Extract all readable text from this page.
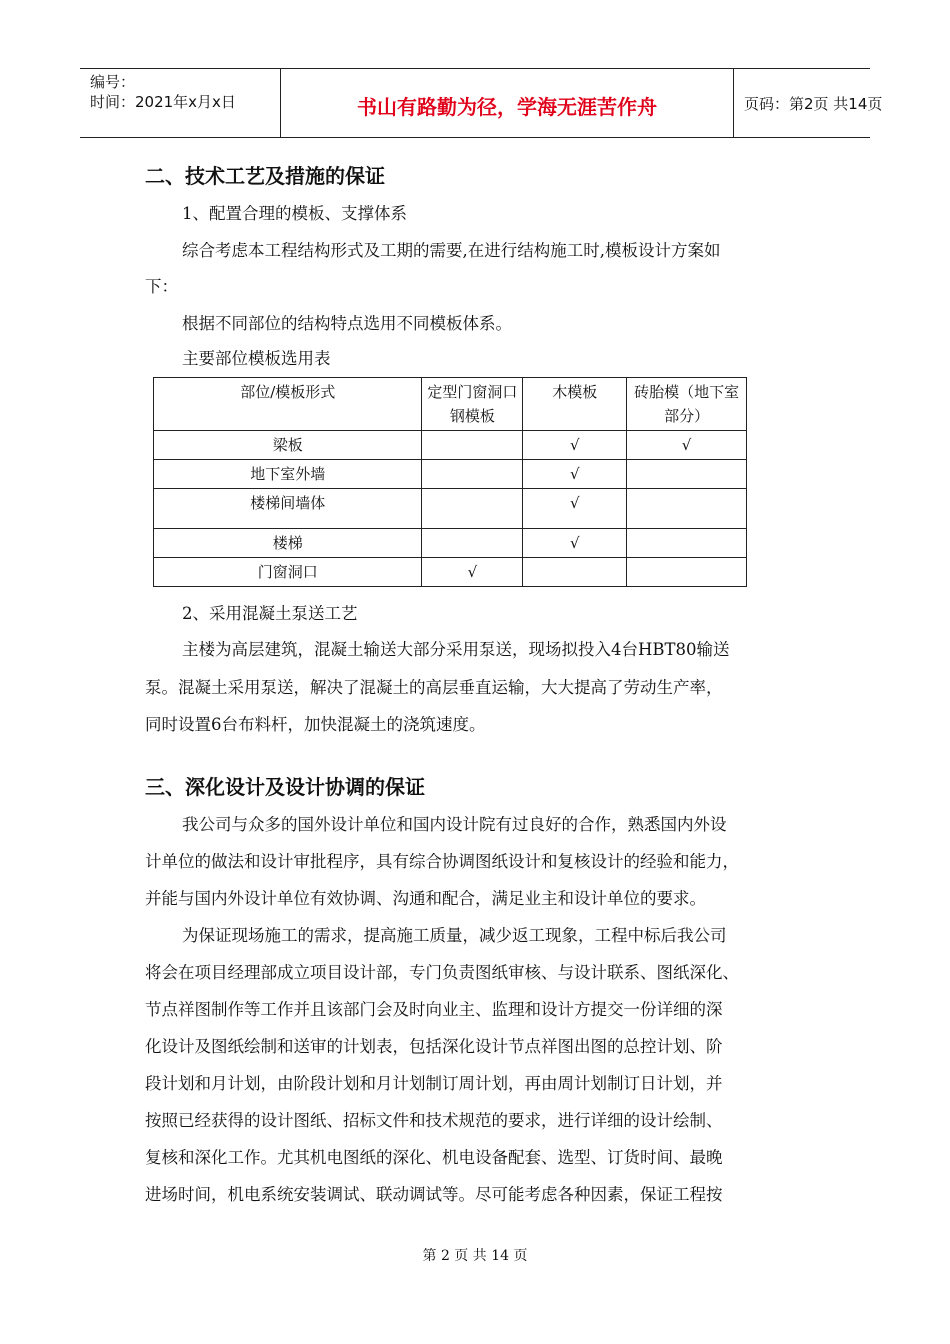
编号：
时间：2021年x月x日	书山有路勤为径，学海无涯苦作舟	页码：第2页 共14页
二、技术工艺及措施的保证
1、配置合理的模板、支撑体系
综合考虑本工程结构形式及工期的需要,在进行结构施工时,模板设计方案如
下：
根据不同部位的结构特点选用不同模板体系。
主要部位模板选用表
部位/模板形式	定型门窗洞口钢模板	木模板	砖胎模（地下室部分）
梁板		√	√
地下室外墙		√	
楼梯间墙体		√	
楼梯		√	
门窗洞口	√		
2、采用混凝土泵送工艺
主楼为高层建筑，混凝土输送大部分采用泵送，现场拟投入4台HBT80输送
泵。混凝土采用泵送，解决了混凝土的高层垂直运输，大大提高了劳动生产率，
同时设置6台布料杆，加快混凝土的浇筑速度。
三、深化设计及设计协调的保证
我公司与众多的国外设计单位和国内设计院有过良好的合作，熟悉国内外设
计单位的做法和设计审批程序，具有综合协调图纸设计和复核设计的经验和能力，
并能与国内外设计单位有效协调、沟通和配合，满足业主和设计单位的要求。
为保证现场施工的需求，提高施工质量，减少返工现象，工程中标后我公司
将会在项目经理部成立项目设计部，专门负责图纸审核、与设计联系、图纸深化、
节点祥图制作等工作并且该部门会及时向业主、监理和设计方提交一份详细的深
化设计及图纸绘制和送审的计划表，包括深化设计节点祥图出图的总控计划、阶
段计划和月计划，由阶段计划和月计划制订周计划，再由周计划制订日计划，并
按照已经获得的设计图纸、招标文件和技术规范的要求，进行详细的设计绘制、
复核和深化工作。尤其机电图纸的深化、机电设备配套、选型、订货时间、最晚
进场时间，机电系统安装调试、联动调试等。尽可能考虑各种因素，保证工程按
第 2 页 共 14 页
